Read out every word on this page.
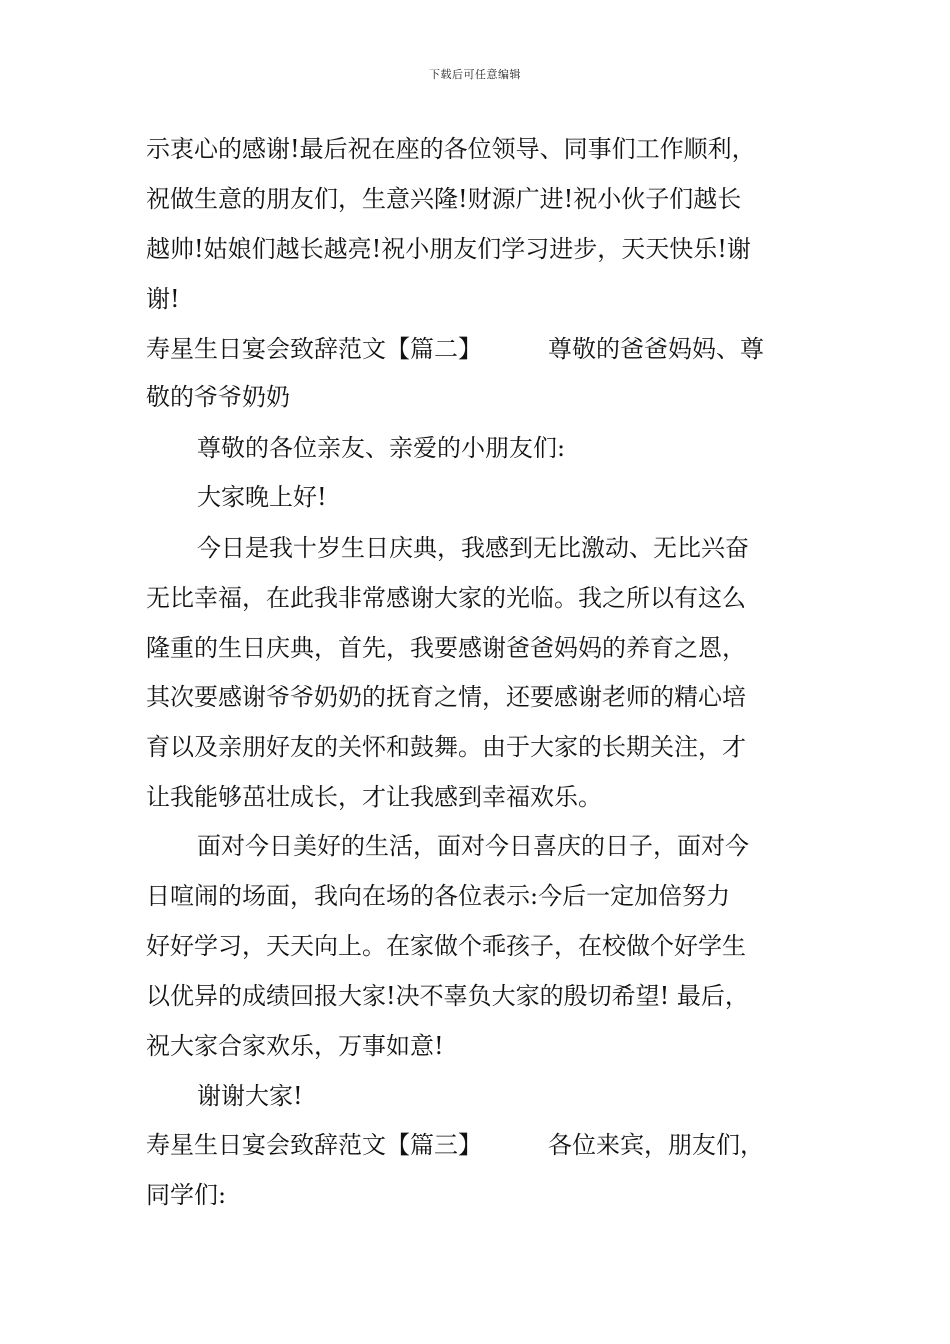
下载后可任意编辑
示衷心的感谢!最后祝在座的各位领导、同事们工作顺利，
祝做生意的朋友们，生意兴隆!财源广进!祝小伙子们越长
越帅!姑娘们越长越亮!祝小朋友们学习进步，天天快乐!谢
谢!
寿星生日宴会致辞范文【篇二】	尊敬的爸爸妈妈、尊
敬的爷爷奶奶
尊敬的各位亲友、亲爱的小朋友们:
大家晚上好!
今日是我十岁生日庆典，我感到无比激动、无比兴奋
无比幸福，在此我非常感谢大家的光临。我之所以有这么
隆重的生日庆典，首先，我要感谢爸爸妈妈的养育之恩，
其次要感谢爷爷奶奶的抚育之情，还要感谢老师的精心培
育以及亲朋好友的关怀和鼓舞。由于大家的长期关注，才
让我能够茁壮成长，才让我感到幸福欢乐。
面对今日美好的生活，面对今日喜庆的日子，面对今
日喧闹的场面，我向在场的各位表示:今后一定加倍努力
好好学习，天天向上。在家做个乖孩子，在校做个好学生
以优异的成绩回报大家!决不辜负大家的殷切希望! 最后，
祝大家合家欢乐，万事如意!
谢谢大家!
寿星生日宴会致辞范文【篇三】	各位来宾，朋友们，
同学们:
